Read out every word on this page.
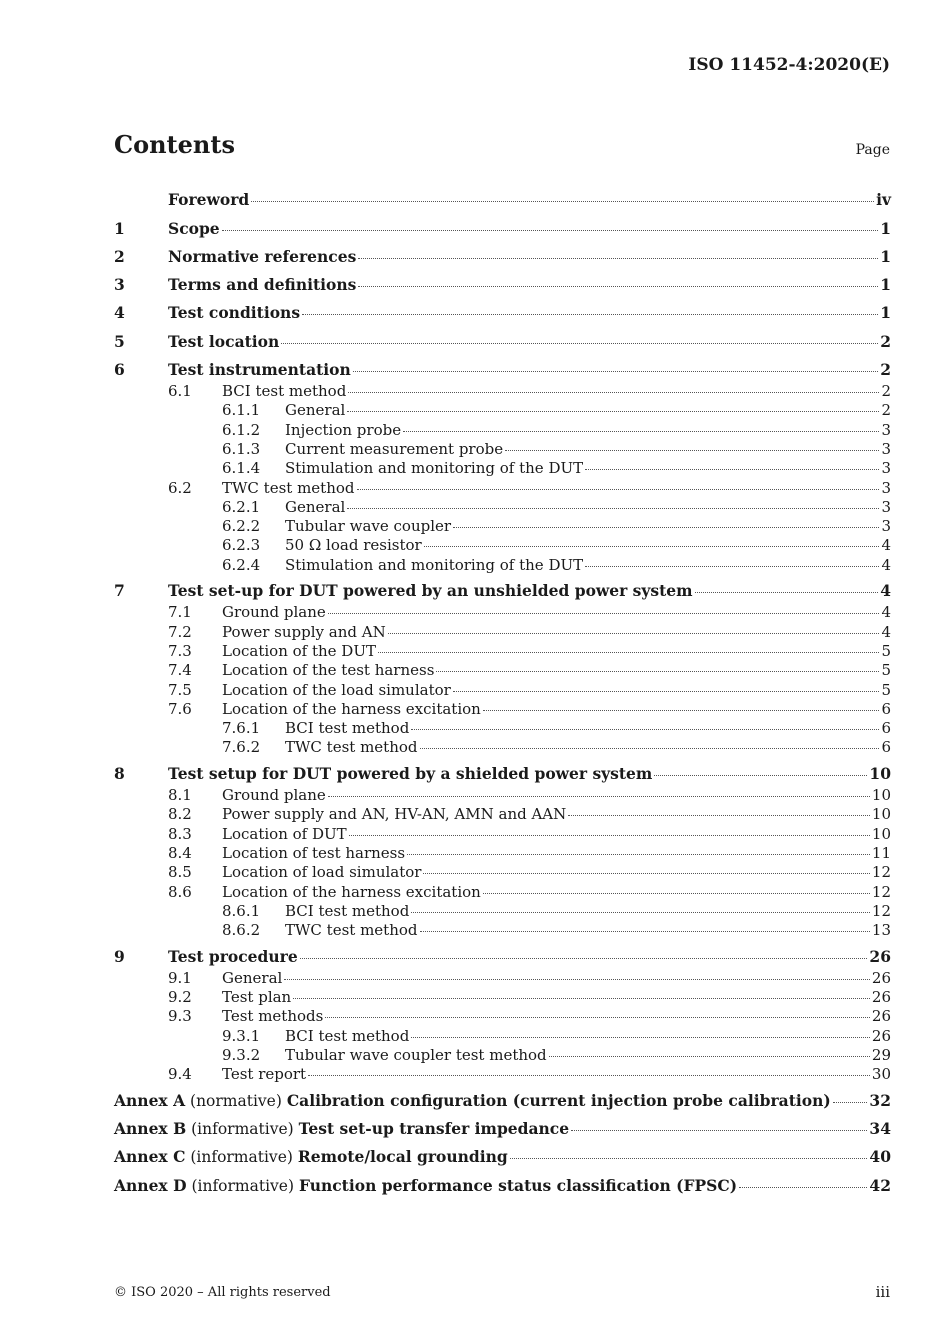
ISO 11452-4:2020(E)
Contents	Page
Foreword	iv
1	Scope	1
2	Normative references	1
3	Terms and definitions	1
4	Test conditions	1
5	Test location	2
6	Test instrumentation	2
6.1	BCI test method	2
6.1.1	General	2
6.1.2	Injection probe	3
6.1.3	Current measurement probe	3
6.1.4	Stimulation and monitoring of the DUT	3
6.2	TWC test method	3
6.2.1	General	3
6.2.2	Tubular wave coupler	3
6.2.3	50 Ω load resistor	4
6.2.4	Stimulation and monitoring of the DUT	4
7	Test set-up for DUT powered by an unshielded power system	4
7.1	Ground plane	4
7.2	Power supply and AN	4
7.3	Location of the DUT	5
7.4	Location of the test harness	5
7.5	Location of the load simulator	5
7.6	Location of the harness excitation	6
7.6.1	BCI test method	6
7.6.2	TWC test method	6
8	Test setup for DUT powered by a shielded power system	10
8.1	Ground plane	10
8.2	Power supply and AN, HV-AN, AMN and AAN	10
8.3	Location of DUT	10
8.4	Location of test harness	11
8.5	Location of load simulator	12
8.6	Location of the harness excitation	12
8.6.1	BCI test method	12
8.6.2	TWC test method	13
9	Test procedure	26
9.1	General	26
9.2	Test plan	26
9.3	Test methods	26
9.3.1	BCI test method	26
9.3.2	Tubular wave coupler test method	29
9.4	Test report	30
Annex A (normative) Calibration configuration (current injection probe calibration) 32
Annex B (informative) Test set-up transfer impedance	34
Annex C (informative) Remote/local grounding	40
Annex D (informative) Function performance status classification (FPSC)	42
© ISO 2020 – All rights reserved	iii
